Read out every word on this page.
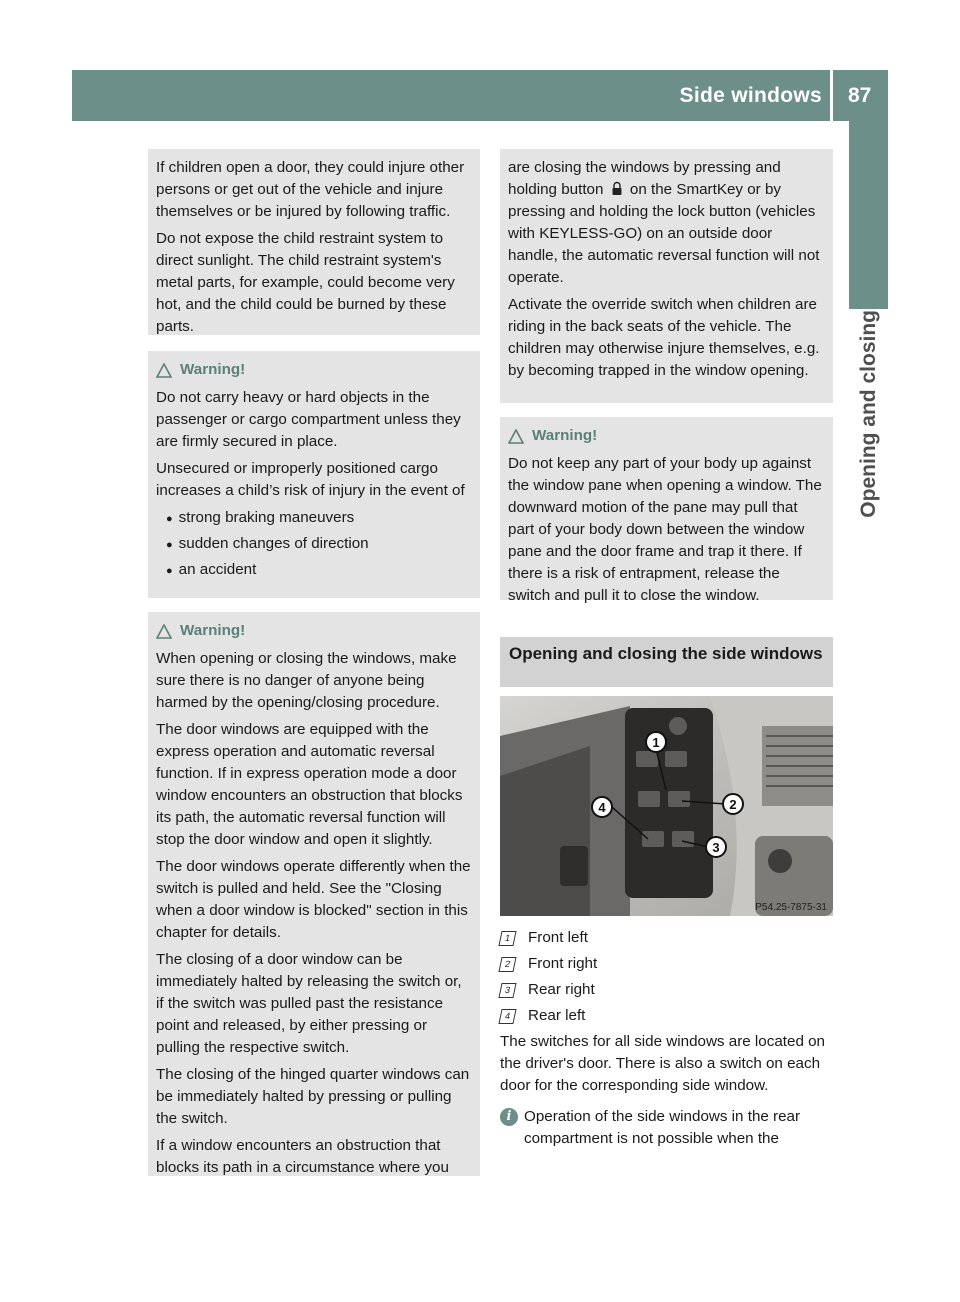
Side windows 87
Opening and closing

If children open a door, they could injure other persons or get out of the vehicle and injure themselves or be injured by following traffic.

Do not expose the child restraint system to direct sunlight. The child restraint system's metal parts, for example, could become very hot, and the child could be burned by these parts.

Warning!

Do not carry heavy or hard objects in the passenger or cargo compartment unless they are firmly secured in place.

Unsecured or improperly positioned cargo increases a child’s risk of injury in the event of

● strong braking maneuvers
● sudden changes of direction
● an accident
Warning!

When opening or closing the windows, make sure there is no danger of anyone being harmed by the opening/closing procedure.

The door windows are equipped with the express operation and automatic reversal function. If in express operation mode a door window encounters an obstruction that blocks its path, the automatic reversal function will stop the door window and open it slightly.

The door windows operate differently when the switch is pulled and held. See the "Closing when a door window is blocked" section in this chapter for details.

The closing of a door window can be immediately halted by releasing the switch or, if the switch was pulled past the resistance point and released, by either pressing or pulling the respective switch.

The closing of the hinged quarter windows can be immediately halted by pressing or pulling the switch.

If a window encounters an obstruction that blocks its path in a circumstance where you

are closing the windows by pressing and holding button  on the SmartKey or by pressing and holding the lock button (vehicles with KEYLESS-GO) on an outside door handle, the automatic reversal function will not operate.

Activate the override switch when children are riding in the back seats of the vehicle. The children may otherwise injure themselves, e.g. by becoming trapped in the window opening.

Warning!

Do not keep any part of your body up against the window pane when opening a window. The downward motion of the pane may pull that part of your body down between the window pane and the door frame and trap it there. If there is a risk of entrapment, release the switch and pull it to close the window.

Opening and closing the side windows
1
2
3
4
P54.25-7875-31
1	Front left
2	Front right
3	Rear right
4	Rear left
The switches for all side windows are located on the driver's door. There is also a switch on each door for the corresponding side window.
i Operation of the side windows in the rear compartment is not possible when the
